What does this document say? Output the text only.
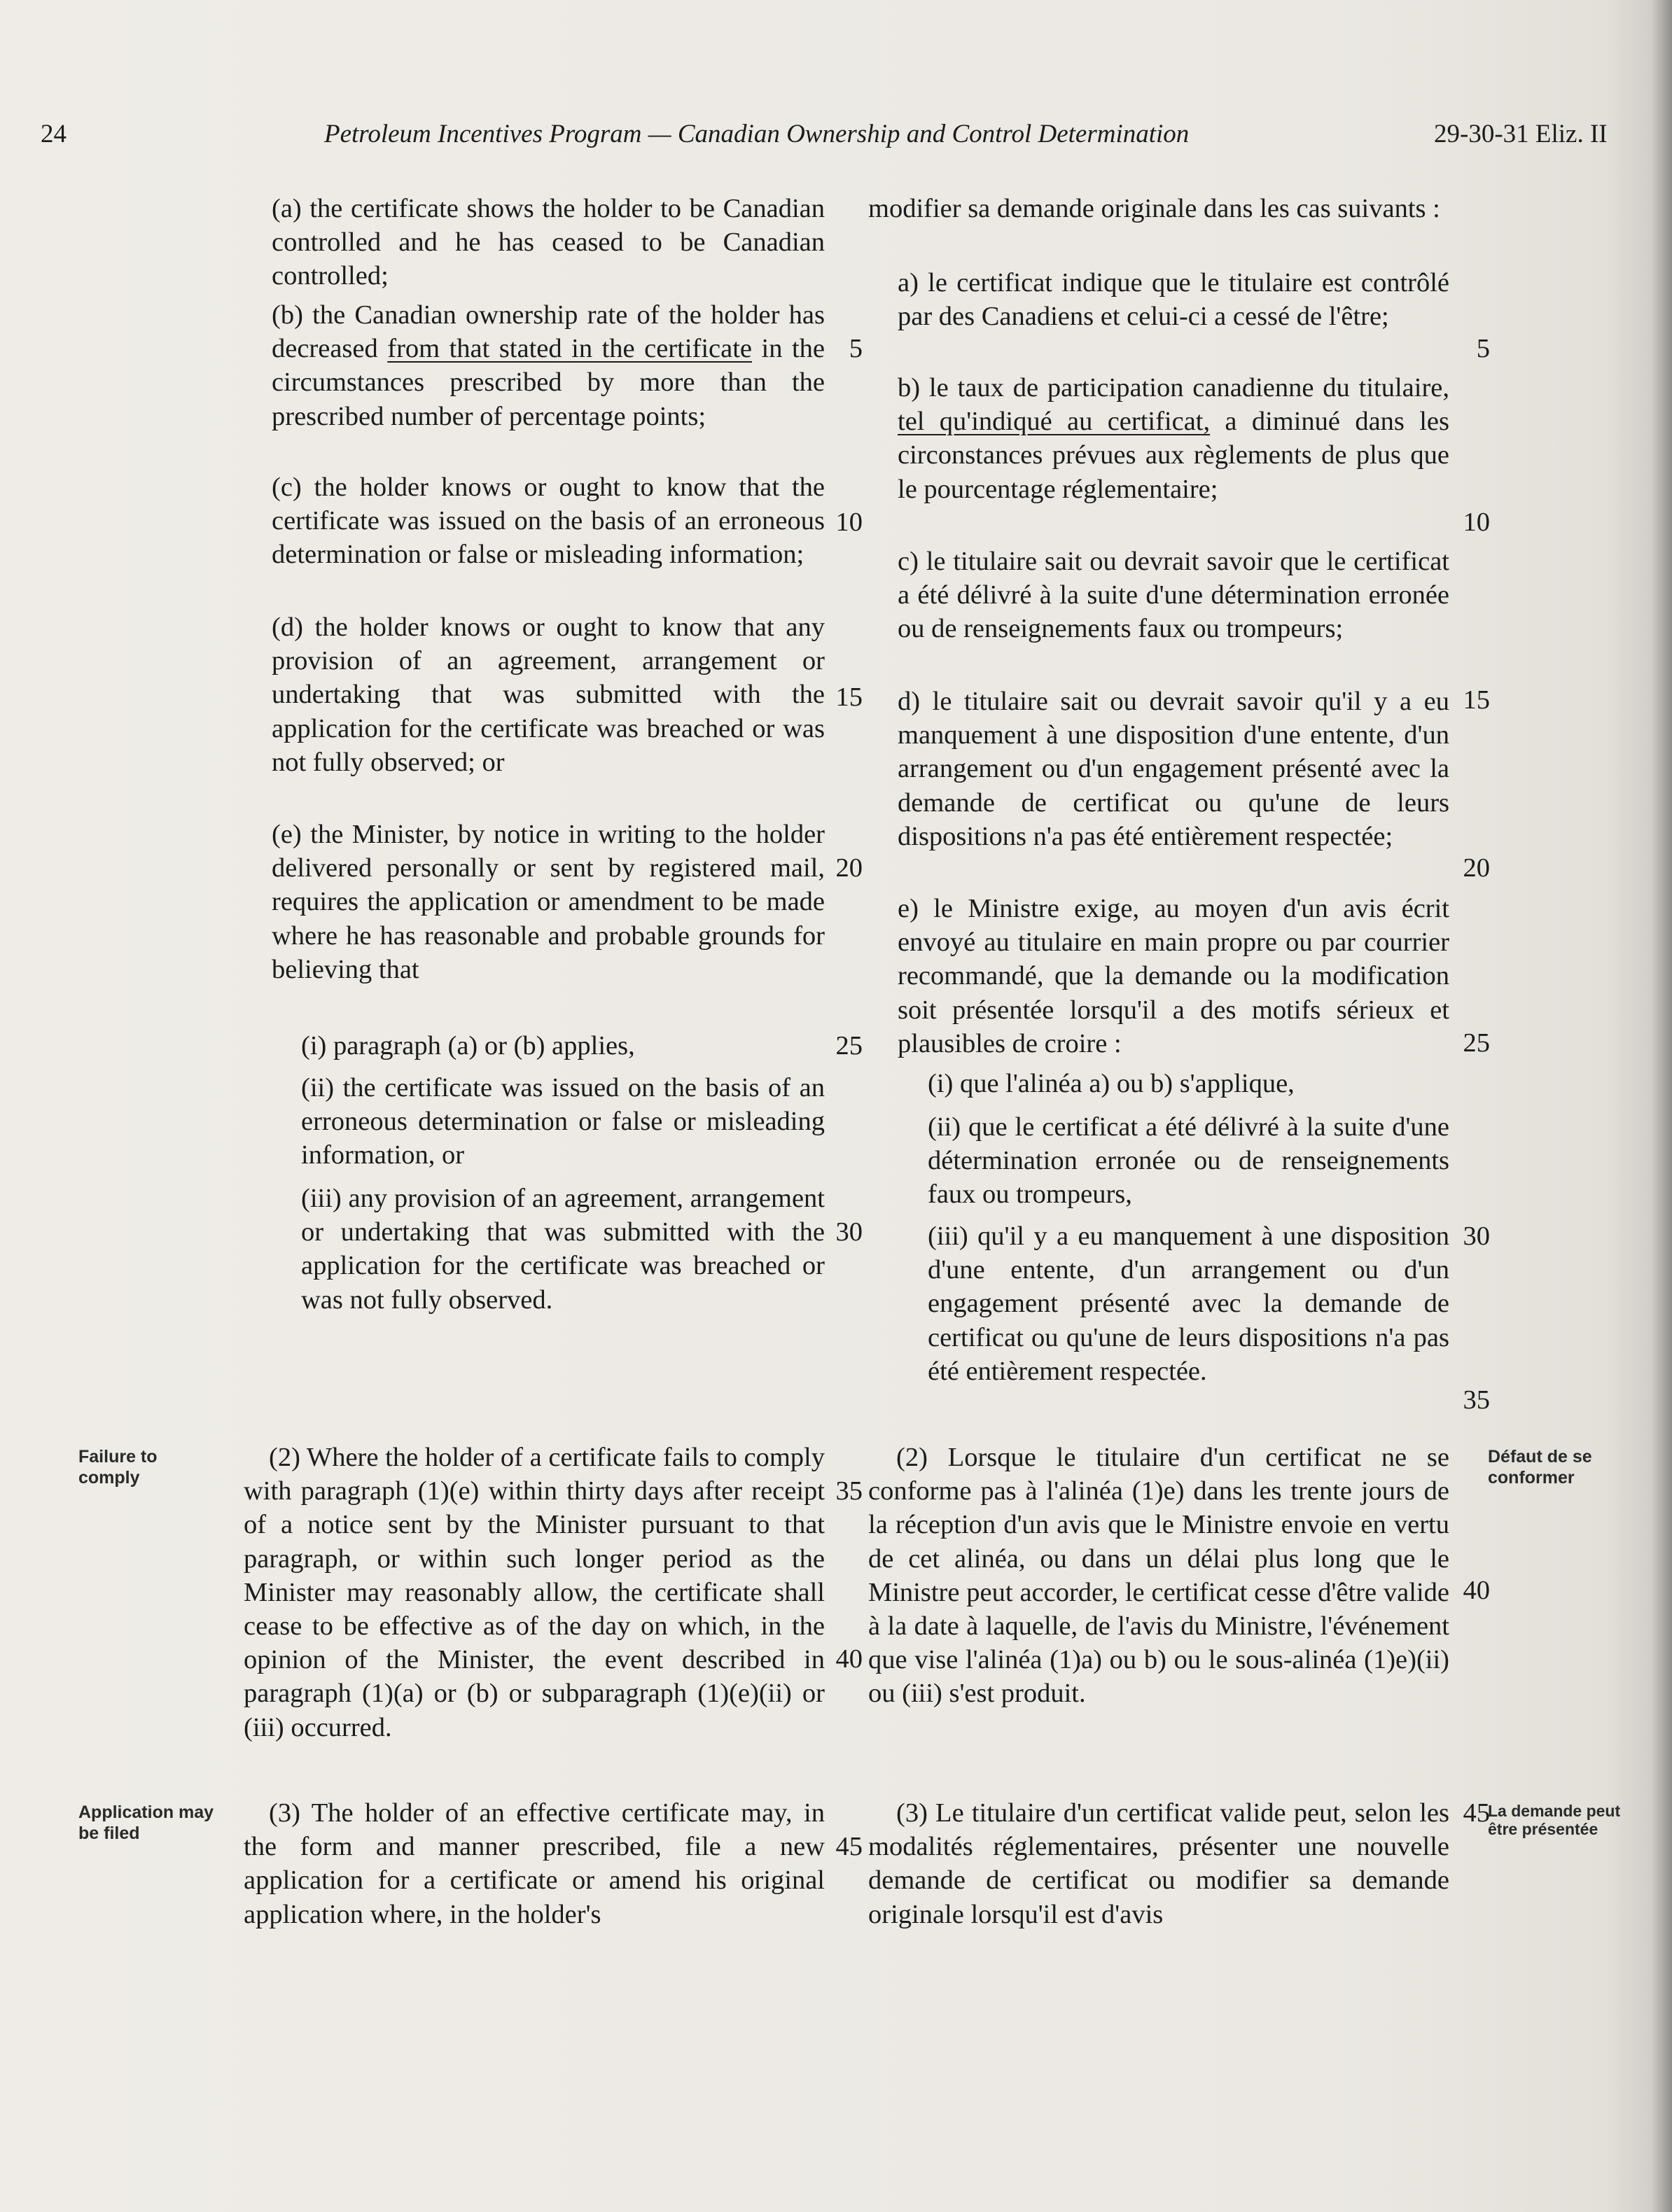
24	Petroleum Incentives Program — Canadian Ownership and Control Determination	29-30-31 Eliz. II

(a) the certificate shows the holder to be Canadian controlled and he has ceased to be Canadian controlled;

(b) the Canadian ownership rate of the holder has decreased from that stated in the certificate in the circumstances prescribed by more than the prescribed number of percentage points;

(c) the holder knows or ought to know that the certificate was issued on the basis of an erroneous determination or false or misleading information;

(d) the holder knows or ought to know that any provision of an agreement, arrangement or undertaking that was submitted with the application for the certificate was breached or was not fully observed; or

(e) the Minister, by notice in writing to the holder delivered personally or sent by registered mail, requires the application or amendment to be made where he has reasonable and probable grounds for believing that

(i) paragraph (a) or (b) applies,

(ii) the certificate was issued on the basis of an erroneous determination or false or misleading information, or

(iii) any provision of an agreement, arrangement or undertaking that was submitted with the application for the certificate was breached or was not fully observed.

(2) Where the holder of a certificate fails to comply with paragraph (1)(e) within thirty days after receipt of a notice sent by the Minister pursuant to that paragraph, or within such longer period as the Minister may reasonably allow, the certificate shall cease to be effective as of the day on which, in the opinion of the Minister, the event described in paragraph (1)(a) or (b) or subparagraph (1)(e)(ii) or (iii) occurred.

(3) The holder of an effective certificate may, in the form and manner prescribed, file a new application for a certificate or amend his original application where, in the holder's

modifier sa demande originale dans les cas suivants :

a) le certificat indique que le titulaire est contrôlé par des Canadiens et celui-ci a cessé de l'être;

b) le taux de participation canadienne du titulaire, tel qu'indiqué au certificat, a diminué dans les circonstances prévues aux règlements de plus que le pourcentage réglementaire;

c) le titulaire sait ou devrait savoir que le certificat a été délivré à la suite d'une détermination erronée ou de renseignements faux ou trompeurs;

d) le titulaire sait ou devrait savoir qu'il y a eu manquement à une disposition d'une entente, d'un arrangement ou d'un engagement présenté avec la demande de certificat ou qu'une de leurs dispositions n'a pas été entièrement respectée;

e) le Ministre exige, au moyen d'un avis écrit envoyé au titulaire en main propre ou par courrier recommandé, que la demande ou la modification soit présentée lorsqu'il a des motifs sérieux et plausibles de croire :

(i) que l'alinéa a) ou b) s'applique,

(ii) que le certificat a été délivré à la suite d'une détermination erronée ou de renseignements faux ou trompeurs,

(iii) qu'il y a eu manquement à une disposition d'une entente, d'un arrangement ou d'un engagement présenté avec la demande de certificat ou qu'une de leurs dispositions n'a pas été entièrement respectée.

(2) Lorsque le titulaire d'un certificat ne se conforme pas à l'alinéa (1)e) dans les trente jours de la réception d'un avis que le Ministre envoie en vertu de cet alinéa, ou dans un délai plus long que le Ministre peut accorder, le certificat cesse d'être valide à la date à laquelle, de l'avis du Ministre, l'événement que vise l'alinéa (1)a) ou b) ou le sous-alinéa (1)e)(ii) ou (iii) s'est produit.

(3) Le titulaire d'un certificat valide peut, selon les modalités réglementaires, présenter une nouvelle demande de certificat ou modifier sa demande originale lorsqu'il est d'avis

5
10
15
20
25
30
35
40
45
5
10
15
20
25
30
35
40
45
Failure to comply
Défaut de se conformer
Application may be filed
La demande peut être présentée
